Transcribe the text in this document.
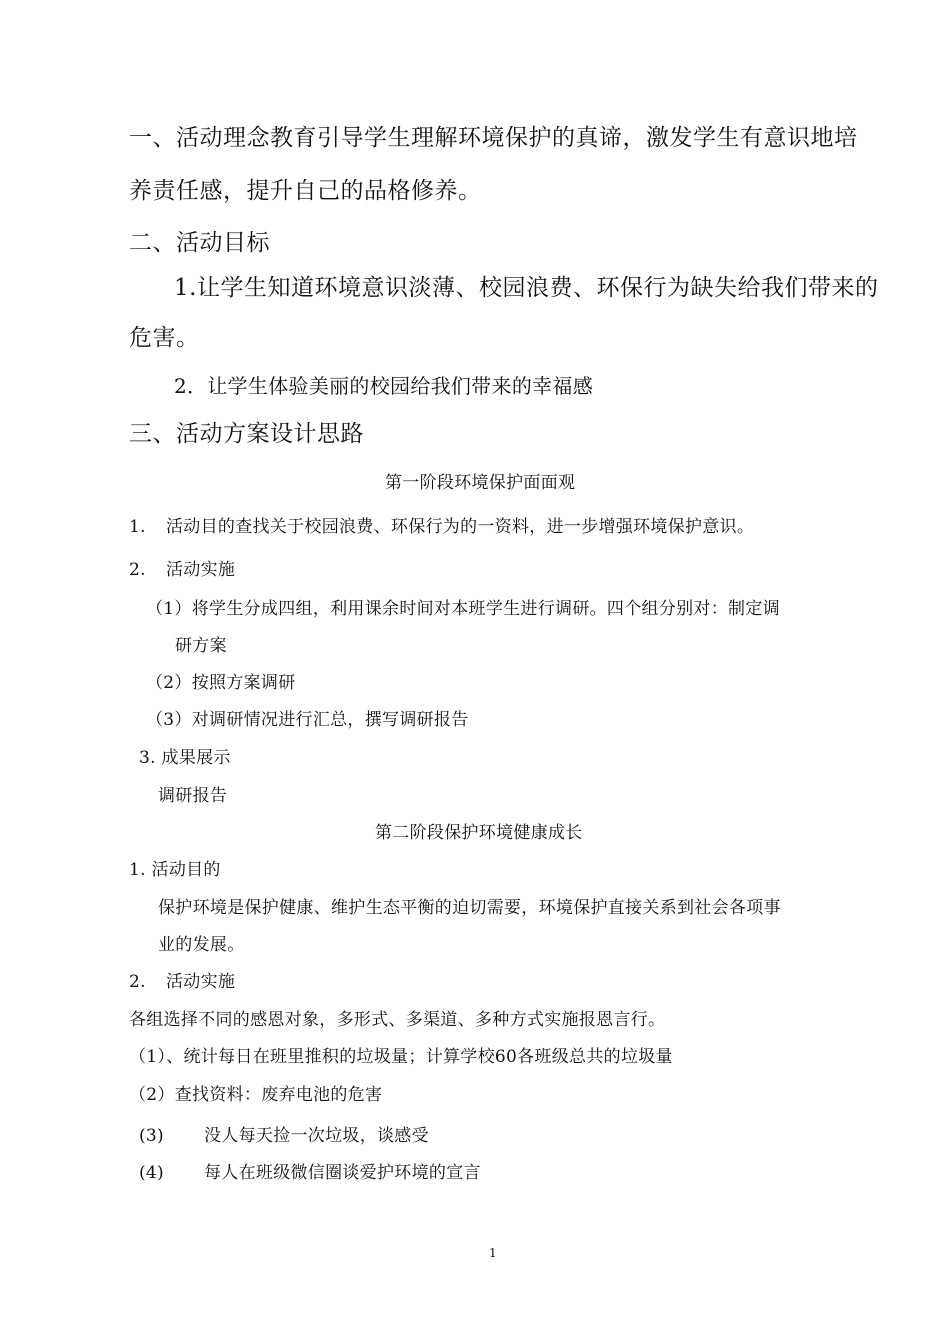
一、活动理念教育引导学生理解环境保护的真谛，激发学生有意识地培
养责任感，提升自己的品格修养。
二、活动目标
1.让学生知道环境意识淡薄、校园浪费、环保行为缺失给我们带来的
危害。
2．让学生体验美丽的校园给我们带来的幸福感
三、活动方案设计思路
第一阶段环境保护面面观
1. 活动目的查找关于校园浪费、环保行为的一资料，进一步增强环境保护意识。
2. 活动实施
（1）将学生分成四组，利用课余时间对本班学生进行调研。四个组分别对：制定调
研方案
（2）按照方案调研
（3）对调研情况进行汇总，撰写调研报告
3. 成果展示
调研报告
第二阶段保护环境健康成长
1. 活动目的
保护环境是保护健康、维护生态平衡的迫切需要，环境保护直接关系到社会各项事
业的发展。
2. 活动实施
各组选择不同的感恩对象，多形式、多渠道、多种方式实施报恩言行。
（1）、统计每日在班里推积的垃圾量；计算学校60各班级总共的垃圾量
（2）查找资料：废弃电池的危害
(3) 没人每天捡一次垃圾，谈感受
(4) 每人在班级微信圈谈爱护环境的宣言
1
